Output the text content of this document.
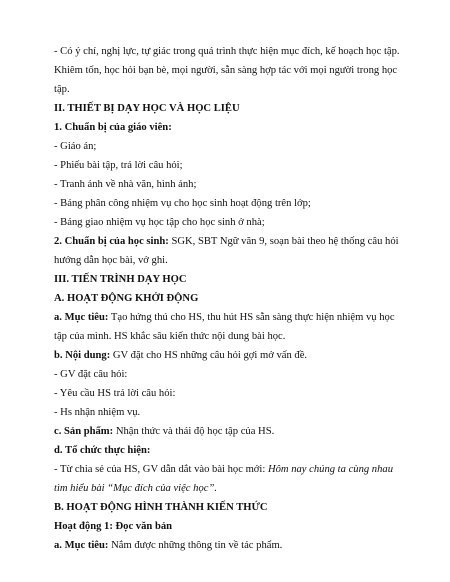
- Có ý chí, nghị lực, tự giác trong quá trình thực hiện mục đích, kế hoạch học tập.

Khiêm tốn, học hỏi bạn bè, mọi người, sẵn sàng hợp tác với mọi người trong học

tập.

II. THIẾT BỊ DẠY HỌC VÀ HỌC LIỆU

1. Chuẩn bị của giáo viên:

- Giáo án;

- Phiếu bài tập, trả lời câu hỏi;

- Tranh ảnh về nhà văn, hình ảnh;

- Bảng phân công nhiệm vụ cho học sinh hoạt động trên lớp;

- Bảng giao nhiệm vụ học tập cho học sinh ở nhà;

2. Chuẩn bị của học sinh: SGK, SBT Ngữ văn 9, soạn bài theo hệ thống câu hỏi

hướng dẫn học bài, vở ghi.

III. TIẾN TRÌNH DẠY HỌC

A. HOẠT ĐỘNG KHỞI ĐỘNG

a. Mục tiêu: Tạo hứng thú cho HS, thu hút HS sẵn sàng thực hiện nhiệm vụ học

tập của mình. HS khắc sâu kiến thức nội dung bài học.

b. Nội dung: GV đặt cho HS những câu hỏi gợi mở vấn đề.

- GV đặt câu hỏi:

- Yêu cầu HS trả lời câu hỏi:

- Hs nhận nhiệm vụ.

c. Sản phẩm: Nhận thức và thái độ học tập của HS.

d. Tổ chức thực hiện:

- Từ chia sẻ của HS, GV dẫn dắt vào bài học mới: Hôm nay chúng ta cùng nhau

tìm hiểu bài “Mục đích của việc học”.

B. HOẠT ĐỘNG HÌNH THÀNH KIẾN THỨC

Hoạt động 1: Đọc văn bản

a. Mục tiêu: Nắm được những thông tin về tác phẩm.
